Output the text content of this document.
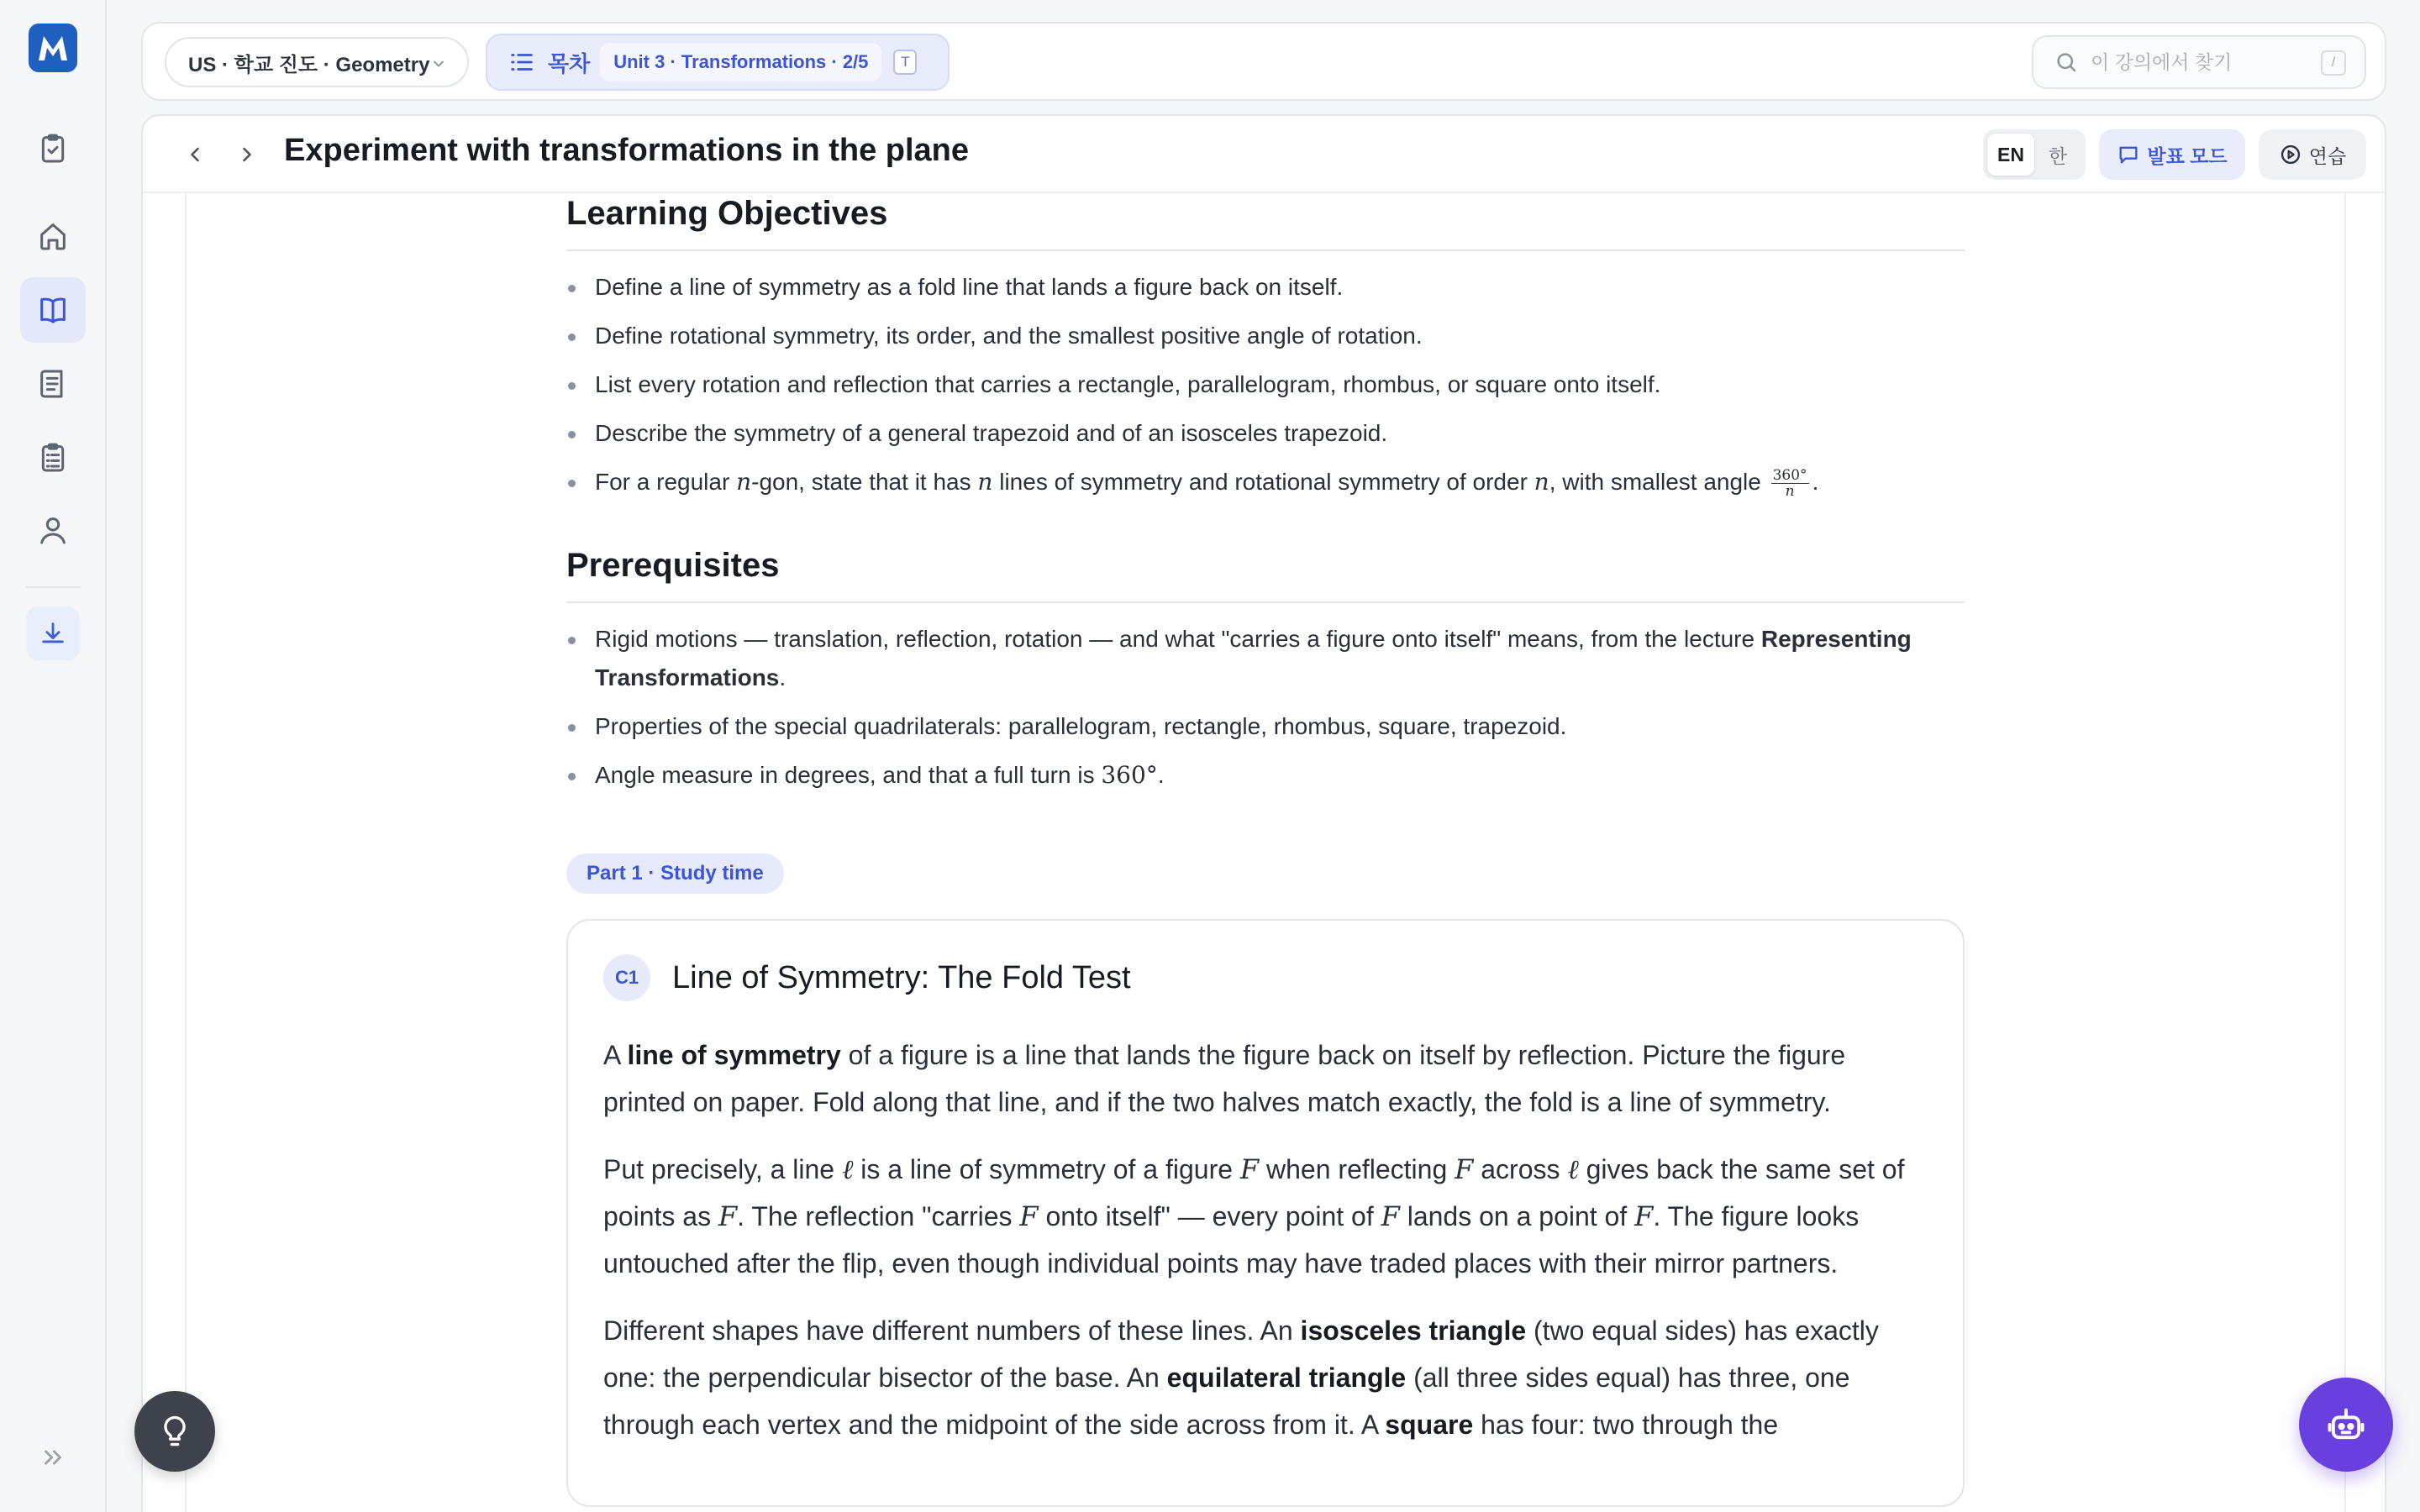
US · 학교 진도 · Geometry	목차	Unit 3 · Transformations · 2/5	T
이 강의에서 찾기	/
Experiment with transformations in the plane	EN	한	발표 모드	연습
Learning Objectives
Define a line of symmetry as a fold line that lands a figure back on itself.
Define rotational symmetry, its order, and the smallest positive angle of rotation.
List every rotation and reflection that carries a rectangle, parallelogram, rhombus, or square onto itself.
Describe the symmetry of a general trapezoid and of an isosceles trapezoid.
For a regular n-gon, state that it has n lines of symmetry and rotational symmetry of order n, with smallest angle $\frac{360^\circ}{n}$ .
Prerequisites
Rigid motions — translation, reflection, rotation — and what "carries a figure onto itself" means, from the lecture Representing Transformations.
Properties of the special quadrilaterals: parallelogram, rectangle, rhombus, square, trapezoid.
Angle measure in degrees, and that a full turn is 360°.
Part 1 · Study time
C1	Line of Symmetry: The Fold Test

A line of symmetry of a figure is a line that lands the figure back on itself by reflection. Picture the figure printed on paper. Fold along that line, and if the two halves match exactly, the fold is a line of symmetry.

Put precisely, a line ℓ is a line of symmetry of a figure F when reflecting F across ℓ gives back the same set of points as F. The reflection "carries F onto itself" — every point of F lands on a point of F. The figure looks untouched after the flip, even though individual points may have traded places with their mirror partners.

Different shapes have different numbers of these lines. An isosceles triangle (two equal sides) has exactly one: the perpendicular bisector of the base. An equilateral triangle (all three sides equal) has three, one through each vertex and the midpoint of the side across from it. A square has four: two through the
